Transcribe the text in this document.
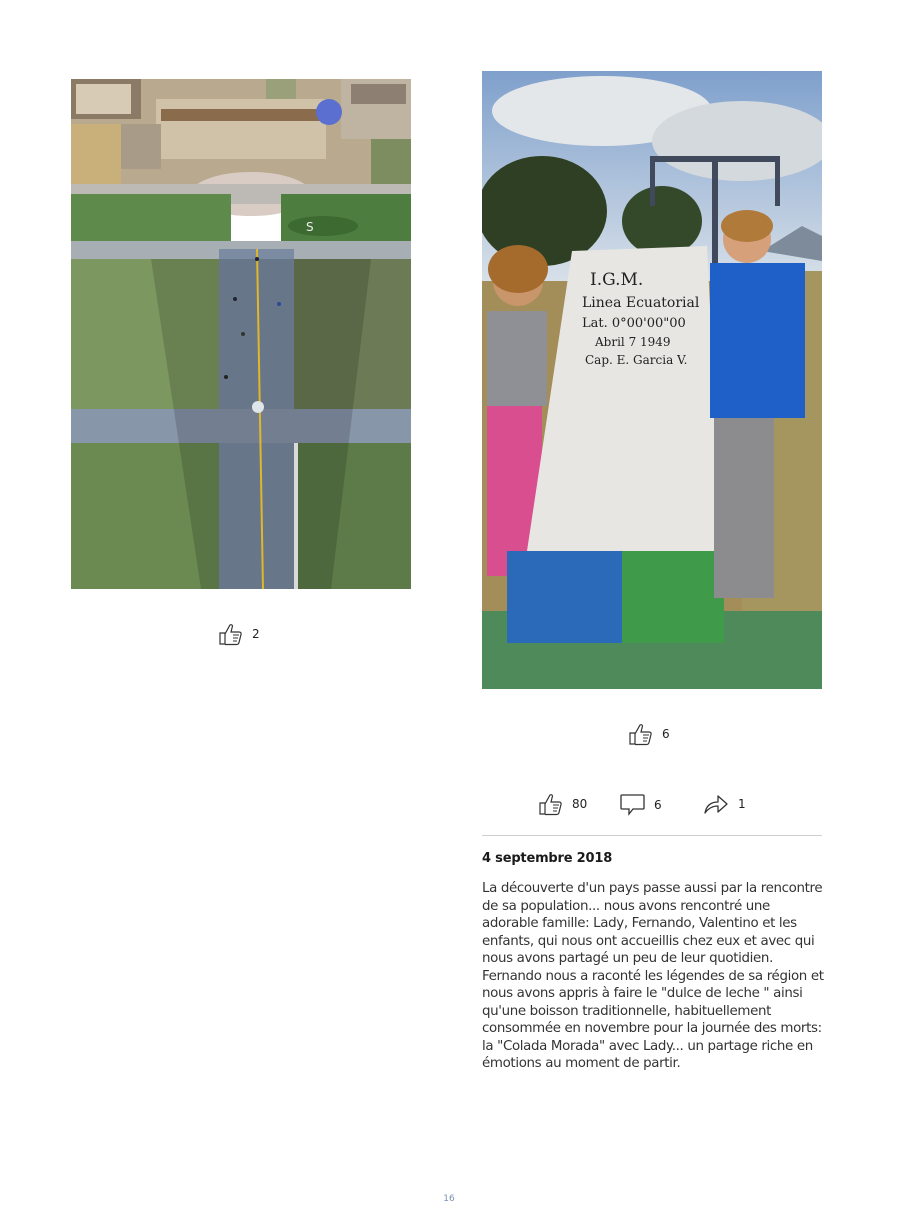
S
2
I.G.M.
Linea Ecuatorial
Lat. 0°00'00"00
Abril 7 1949
Cap. E. Garcia V.
6
80	6	1
4 septembre 2018
La découverte d'un pays passe aussi par la rencontre de sa population... nous avons rencontré une adorable famille: Lady, Fernando, Valentino et les enfants, qui nous ont accueillis chez eux et avec qui nous avons partagé un peu de leur quotidien. Fernando nous a raconté les légendes de sa région et nous avons appris à faire le "dulce de leche " ainsi qu'une boisson traditionnelle, habituellement consommée en novembre pour la journée des morts: la "Colada Morada" avec Lady... un partage riche en émotions au moment de partir.
16
